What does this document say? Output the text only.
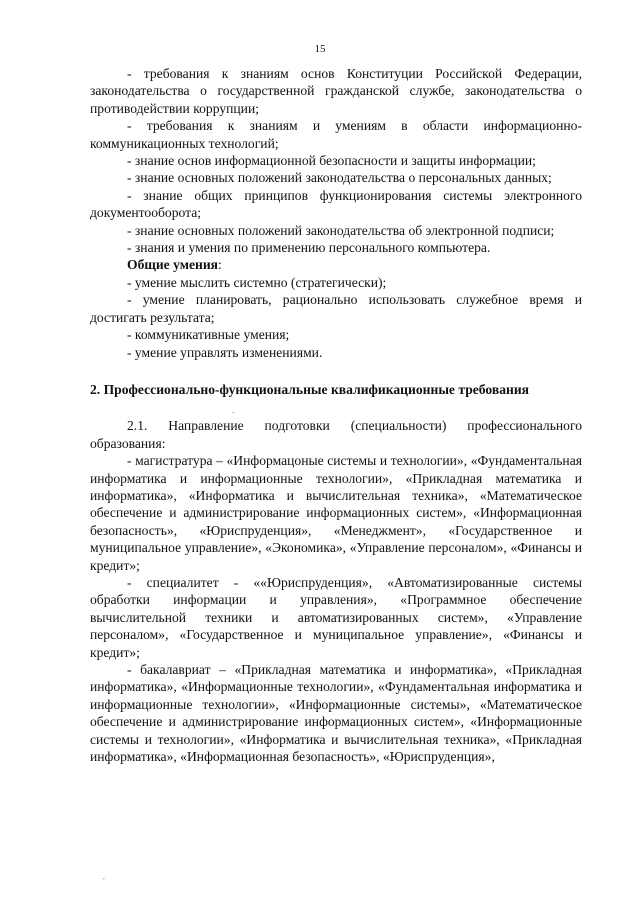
15

- требования к знаниям основ Конституции Российской Федерации, законодательства о государственной гражданской службе, законодательства о противодействии коррупции;

- требования к знаниям и умениям в области информационно-коммуникационных технологий;

- знание основ информационной безопасности и защиты информации;

- знание основных положений законодательства о персональных данных;

- знание общих принципов функционирования системы электронного документооборота;

- знание основных положений законодательства об электронной подписи;

- знания и умения по применению персонального компьютера.

Общие умения:

- умение мыслить системно (стратегически);

- умение планировать, рационально использовать служебное время и достигать результата;

- коммуникативные умения;

- умение управлять изменениями.

2. Профессионально-функциональные квалификационные требования

.

2.1. Направление подготовки (специальности) профессионального образования:

- магистратура – «Информацоные системы и технологии», «Фундаментальная информатика и информационные технологии», «Прикладная математика и информатика», «Информатика и вычислительная техника», «Математическое обеспечение и администрирование информационных систем», «Информационная безопасность», «Юриспруденция», «Менеджмент», «Государственное и муниципальное управление», «Экономика», «Управление персоналом», «Финансы и кредит»;

- специалитет - ««Юриспруденция», «Автоматизированные системы обработки информации и управления», «Программное обеспечение вычислительной техники и автоматизированных систем», «Управление персоналом», «Государственное и муниципальное управление», «Финансы и кредит»;

- бакалавриат – «Прикладная математика и информатика», «Прикладная информатика», «Информационные технологии», «Фундаментальная информатика и информационные технологии», «Информационные системы», «Математическое обеспечение и администрирование информационных систем», «Информационные системы и технологии», «Информатика и вычислительная техника», «Прикладная информатика», «Информационная безопасность», «Юриспруденция»,

-
